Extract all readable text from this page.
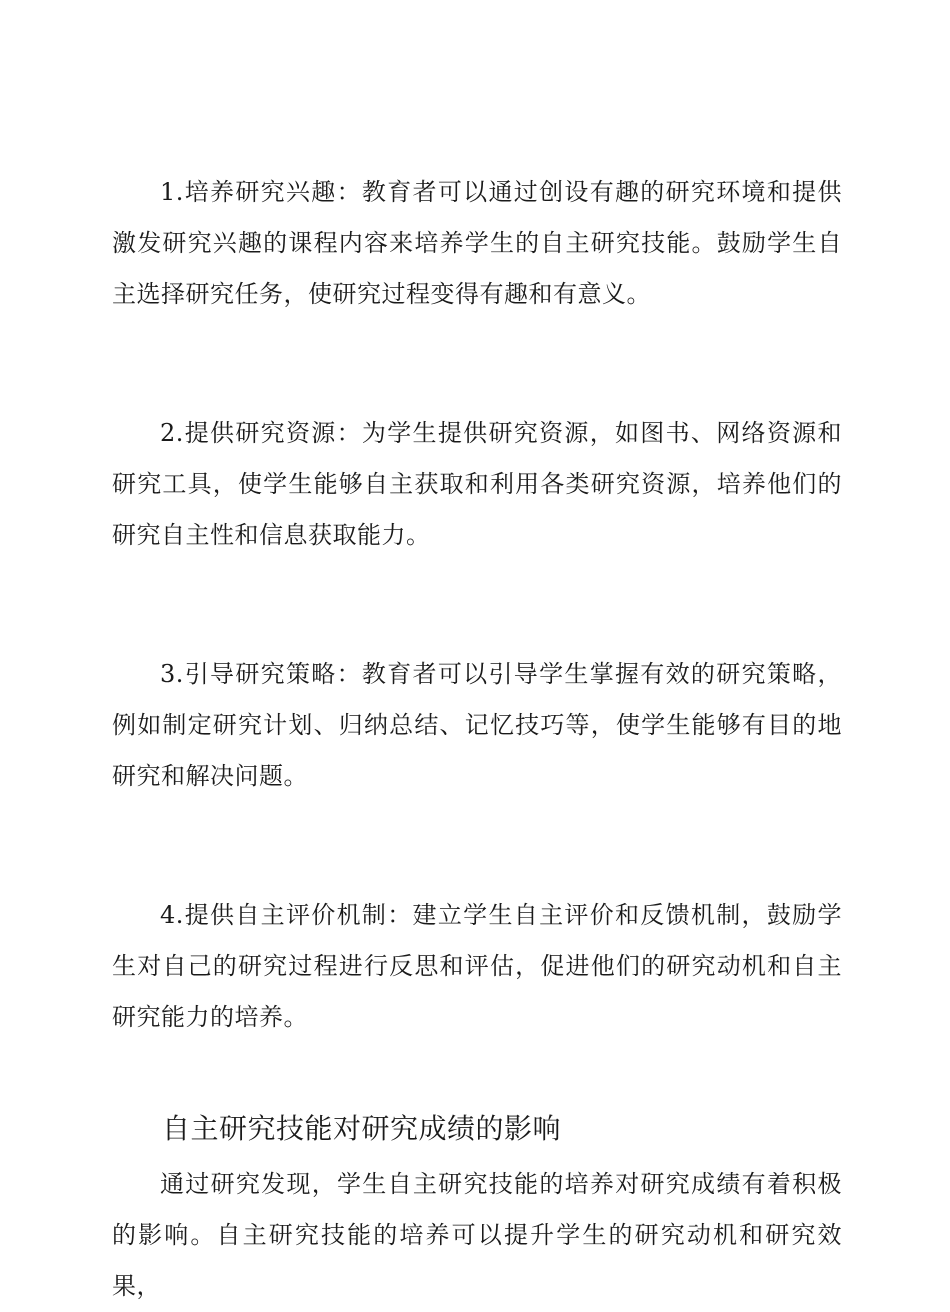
1.培养研究兴趣：教育者可以通过创设有趣的研究环境和提供激发研究兴趣的课程内容来培养学生的自主研究技能。鼓励学生自主选择研究任务，使研究过程变得有趣和有意义。

2.提供研究资源：为学生提供研究资源，如图书、网络资源和研究工具，使学生能够自主获取和利用各类研究资源，培养他们的研究自主性和信息获取能力。

3.引导研究策略：教育者可以引导学生掌握有效的研究策略，例如制定研究计划、归纳总结、记忆技巧等，使学生能够有目的地研究和解决问题。

4.提供自主评价机制：建立学生自主评价和反馈机制，鼓励学生对自己的研究过程进行反思和评估，促进他们的研究动机和自主研究能力的培养。

自主研究技能对研究成绩的影响

通过研究发现，学生自主研究技能的培养对研究成绩有着积极的影响。自主研究技能的培养可以提升学生的研究动机和研究效果，
